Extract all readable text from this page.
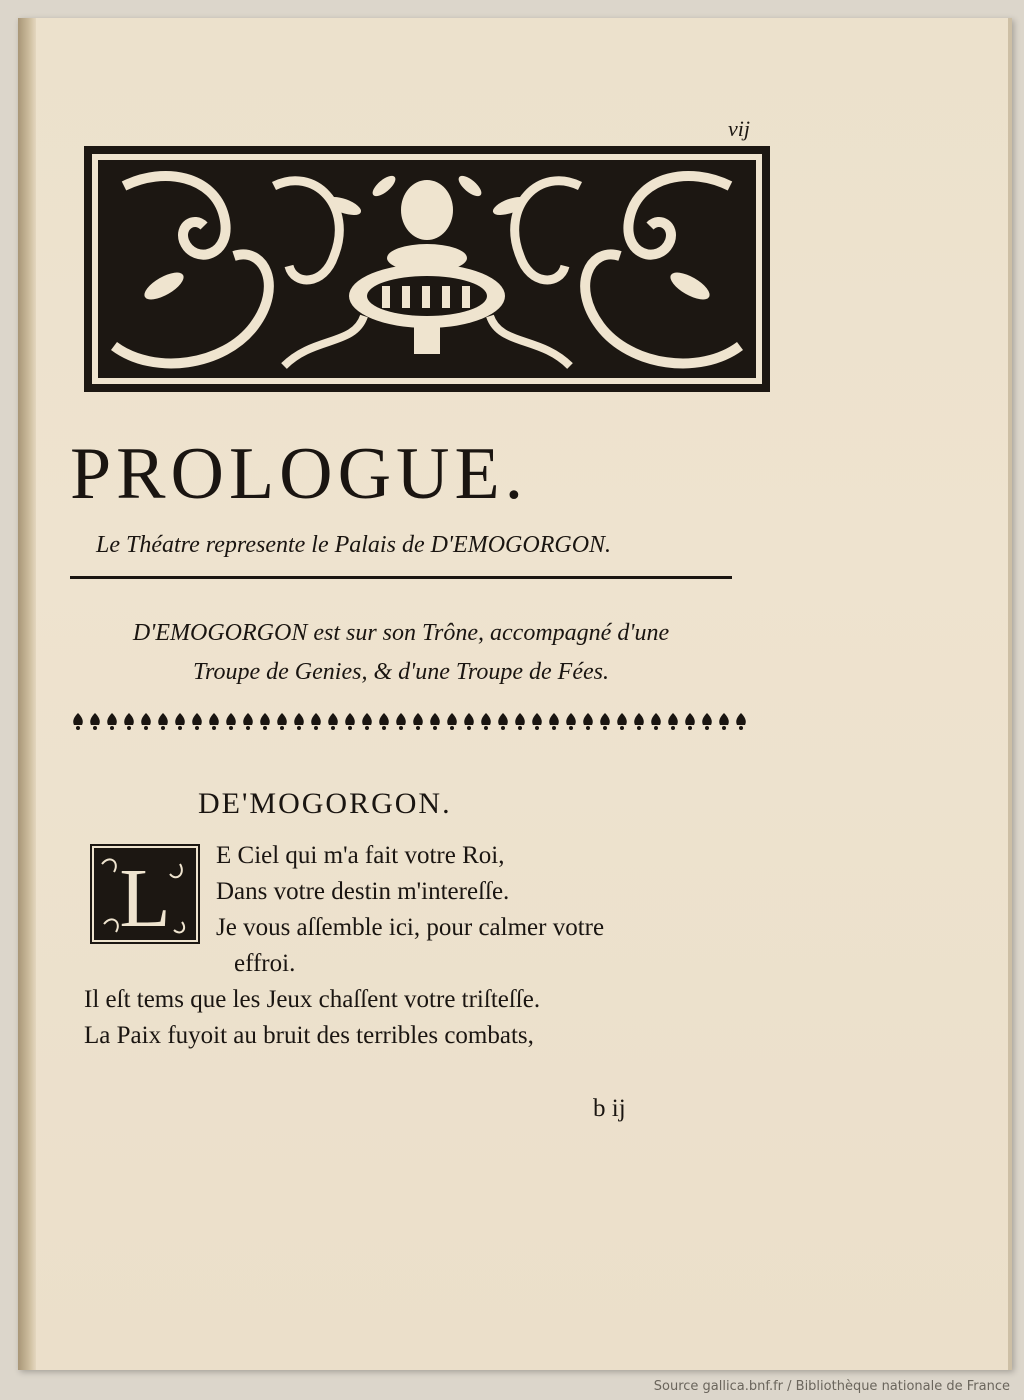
vij
PROLOGUE.
Le Théatre represente le Palais de D'EMOGORGON.
D'EMOGORGON est sur son Trône, accompagné d'une
Troupe de Genies, & d'une Troupe de Fées.
DE'MOGORGON.
L E Ciel qui m'a fait votre Roi,
Dans votre destin m'intereſſe.
Je vous aſſemble ici, pour calmer votre
effroi.
Il eſt tems que les Jeux chaſſent votre triſteſſe.
La Paix fuyoit au bruit des terribles combats,
b ij
Source gallica.bnf.fr / Bibliothèque nationale de France
